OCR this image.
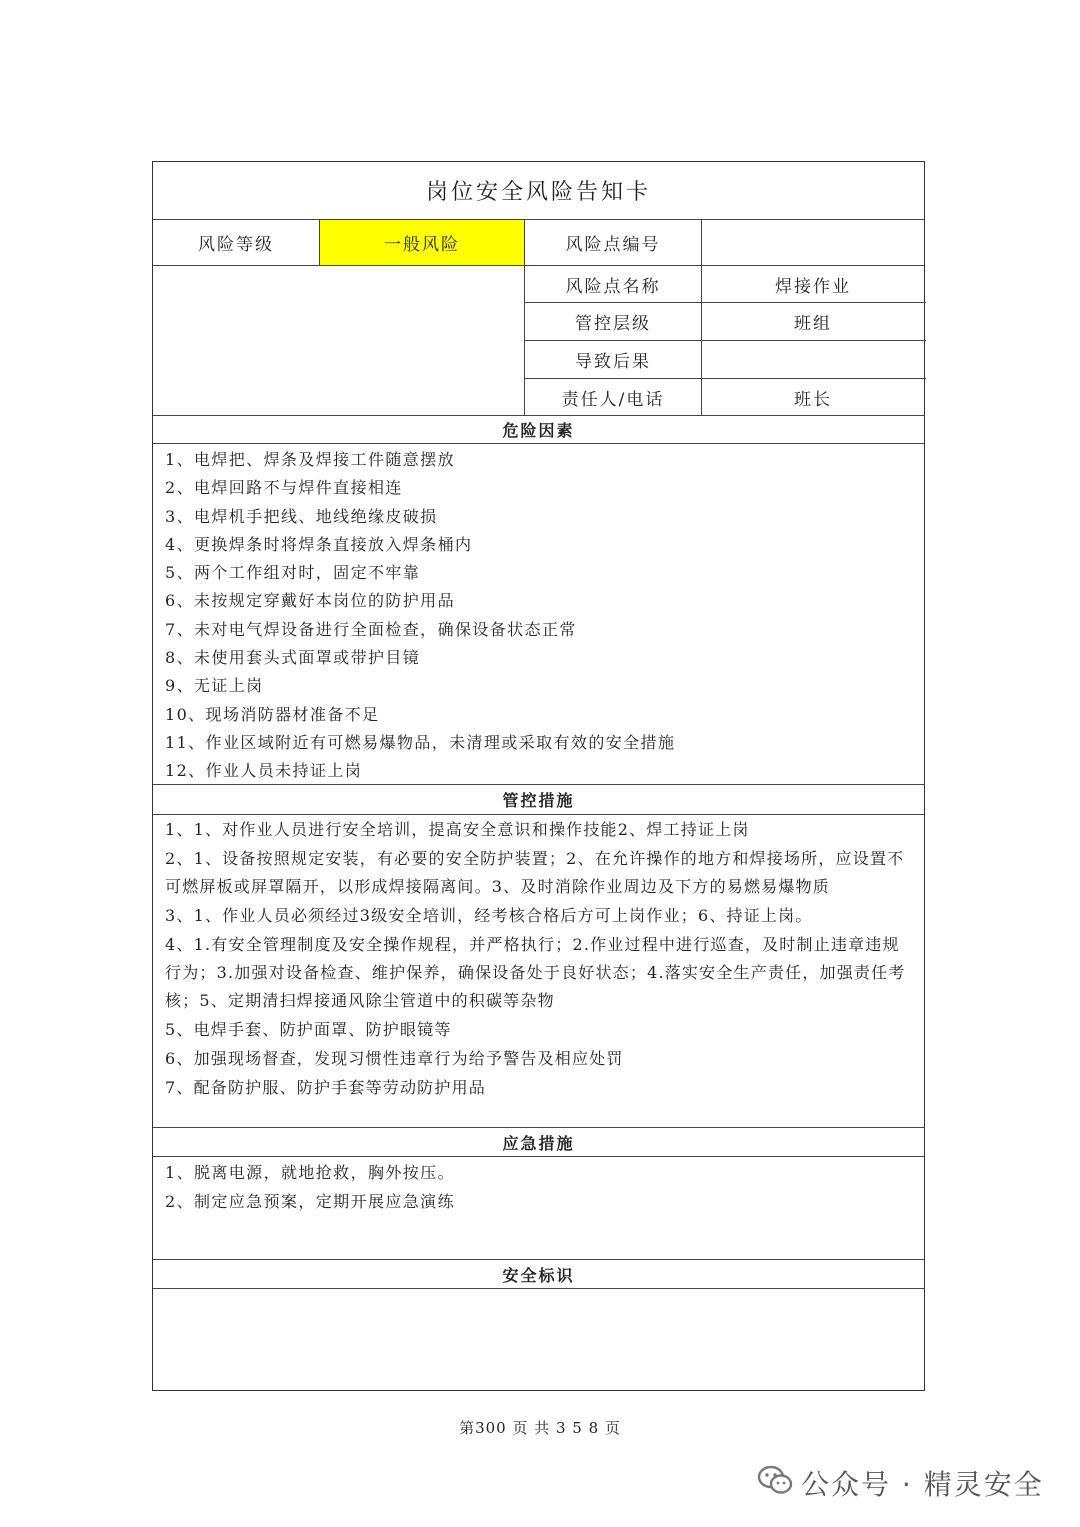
岗位安全风险告知卡
风险等级	一般风险	风险点编号
风险点名称	焊接作业
管控层级	班组
导致后果
责任人/电话	班长
危险因素
1、电焊把、焊条及焊接工件随意摆放
2、电焊回路不与焊件直接相连
3、电焊机手把线、地线绝缘皮破损
4、更换焊条时将焊条直接放入焊条桶内
5、两个工作组对时，固定不牢靠
6、未按规定穿戴好本岗位的防护用品
7、未对电气焊设备进行全面检查，确保设备状态正常
8、未使用套头式面罩或带护目镜
9、无证上岗
10、现场消防器材准备不足
11、作业区域附近有可燃易爆物品，未清理或采取有效的安全措施
12、作业人员未持证上岗
管控措施
1、1、对作业人员进行安全培训，提高安全意识和操作技能2、焊工持证上岗
2、1、设备按照规定安装，有必要的安全防护装置；2、在允许操作的地方和焊接场所，应设置不可燃屏板或屏罩隔开，以形成焊接隔离间。3、及时消除作业周边及下方的易燃易爆物质
3、1、作业人员必须经过3级安全培训，经考核合格后方可上岗作业；6、持证上岗。
4、1.有安全管理制度及安全操作规程，并严格执行；2.作业过程中进行巡查，及时制止违章违规行为；3.加强对设备检查、维护保养，确保设备处于良好状态；4.落实安全生产责任，加强责任考核；5、定期清扫焊接通风除尘管道中的积碳等杂物
5、电焊手套、防护面罩、防护眼镜等
6、加强现场督查，发现习惯性违章行为给予警告及相应处罚
7、配备防护服、防护手套等劳动防护用品
应急措施
1、脱离电源，就地抢救，胸外按压。
2、制定应急预案，定期开展应急演练
安全标识
第300 页 共 3 5 8 页
公众号 · 精灵安全
